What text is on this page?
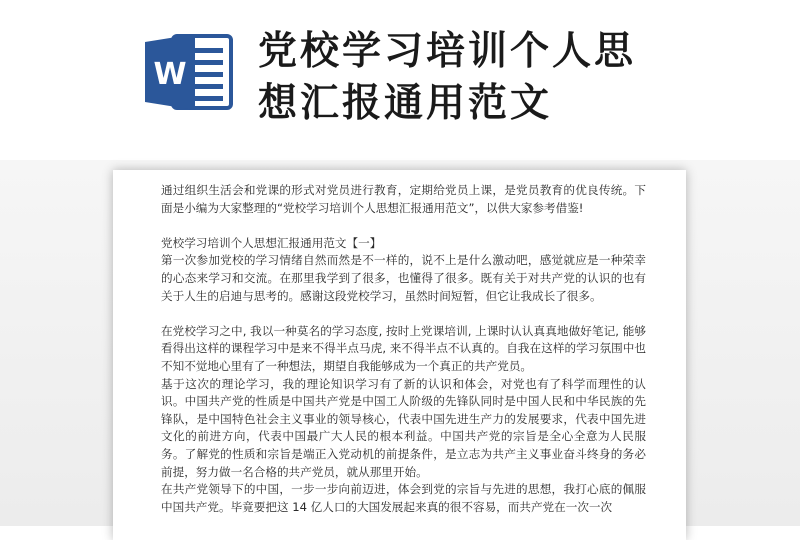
W
党校学习培训个人思
想汇报通用范文

通过组织生活会和党课的形式对党员进行教育，定期给党员上课，是党员教育的优良传统。下面是小编为大家整理的“党校学习培训个人思想汇报通用范文”，以供大家参考借鉴!

党校学习培训个人思想汇报通用范文【一】

第一次参加党校的学习情绪自然而然是不一样的，说不上是什么激动吧，感觉就应是一种荣幸的心态来学习和交流。在那里我学到了很多，也懂得了很多。既有关于对共产党的认识的也有关于人生的启迪与思考的。感谢这段党校学习，虽然时间短暂，但它让我成长了很多。

在党校学习之中, 我以一种莫名的学习态度, 按时上党课培训, 上课时认认真真地做好笔记, 能够看得出这样的课程学习中是来不得半点马虎, 来不得半点不认真的。自我在这样的学习氛围中也不知不觉地心里有了一种想法，期望自我能够成为一个真正的共产党员。

基于这次的理论学习，我的理论知识学习有了新的认识和体会，对党也有了科学而理性的认识。中国共产党的性质是中国共产党是中国工人阶级的先锋队同时是中国人民和中华民族的先锋队，是中国特色社会主义事业的领导核心，代表中国先进生产力的发展要求，代表中国先进文化的前进方向，代表中国最广大人民的根本利益。中国共产党的宗旨是全心全意为人民服务。了解党的性质和宗旨是端正入党动机的前提条件，是立志为共产主义事业奋斗终身的务必前提，努力做一名合格的共产党员，就从那里开始。

在共产党领导下的中国，一步一步向前迈进，体会到党的宗旨与先进的思想，我打心底的佩服中国共产党。毕竟要把这 14 亿人口的大国发展起来真的很不容易，而共产党在一次一次
